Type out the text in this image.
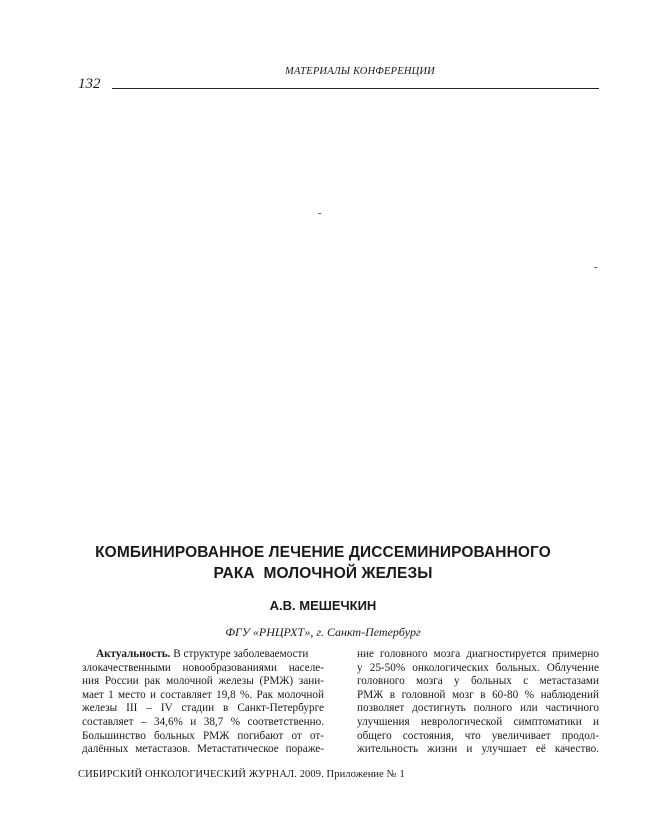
МАТЕРИАЛЫ КОНФЕРЕНЦИИ
132
-
-
КОМБИНИРОВАННОЕ ЛЕЧЕНИЕ ДИССЕМИНИРОВАННОГО
РАКА  МОЛОЧНОЙ ЖЕЛЕЗЫ
А.В. МЕШЕЧКИН
ФГУ «РНЦРХТ», г. Санкт-Петербург
Актуальность. В структуре заболеваемости
злокачественными новообразованиями населе-
ния России рак молочной железы (РМЖ) зани-
мает 1 место и составляет 19,8 %. Рак молочной
железы III – IV стадии в Санкт-Петербурге
составляет – 34,6% и 38,7 % соответственно.
Большинство больных РМЖ погибают от от-
далённых метастазов. Метастатическое пораже-
ние головного мозга диагностируется примерно
у 25-50% онкологических больных. Облучение
головного мозга у больных с метастазами
РМЖ в головной мозг в 60-80 % наблюдений
позволяет достигнуть полного или частичного
улучшения неврологической симптоматики и
общего состояния, что увеличивает продол-
жительность жизни и улучшает её качество.
СИБИРСКИЙ ОНКОЛОГИЧЕСКИЙ ЖУРНАЛ. 2009. Приложение № 1
